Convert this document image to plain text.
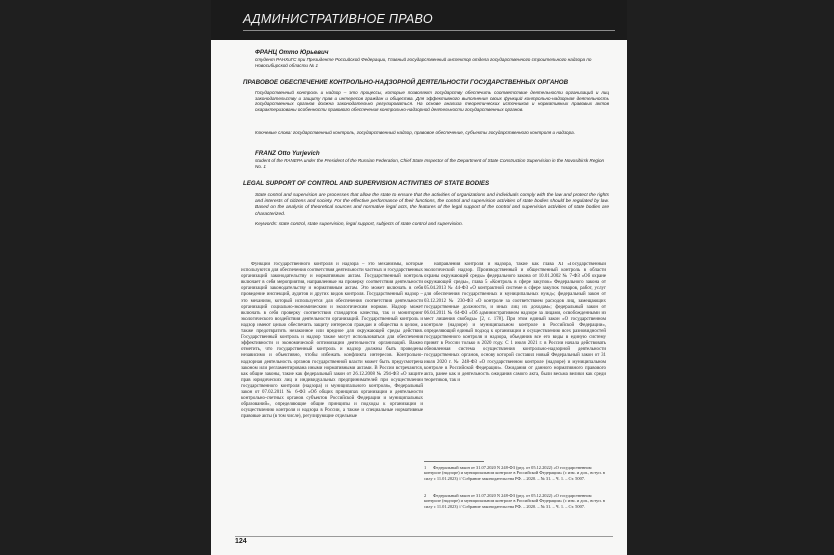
АДМИНИСТРАТИВНОЕ ПРАВО
ФРАНЦ Отто Юрьевич
студент РАНХиГС при Президенте Российской Федерации, Главный государственный инспектор отдела государственного строительного надзора по Новосибирской области № 1
ПРАВОВОЕ ОБЕСПЕЧЕНИЕ КОНТРОЛЬНО-НАДЗОРНОЙ ДЕЯТЕЛЬНОСТИ ГОСУДАРСТВЕННЫХ ОРГАНОВ
Государственный контроль и надзор – это процессы, которые позволяют государству обеспечить соответствие деятельности организаций и лиц законодательству и защиту прав и интересов граждан и общества. Для эффективного выполнения своих функций контрольно-надзорная деятельность государственных органов должна законодательно регулироваться. На основе анализа теоретических источников и нормативных правовых актов охарактеризованы особенности правового обеспечения контрольно-надзорной деятельности государственных органов.
Ключевые слова: государственный контроль, государственный надзор, правовое обеспечение, субъекты государственного контроля и надзора.
FRANZ Otto Yurjevich
student of the RANEPA under the President of the Russian Federation, Chief State Inspector of the Department of State Construction Supervision in the Novosibirsk Region No. 1
LEGAL SUPPORT OF CONTROL AND SUPERVISION ACTIVITIES OF STATE BODIES
State control and supervision are processes that allow the state to ensure that the activities of organizations and individuals comply with the law and protect the rights and interests of citizens and society. For the effective performance of their functions, the control and supervision activities of state bodies should be regulated by law. Based on the analysis of theoretical sources and normative legal acts, the features of the legal support of the control and supervision activities of state bodies are characterized.
Keywords: state control, state supervision, legal support, subjects of state control and supervision.
Функции государственного контроля и надзора – это механизмы, которые используются для обеспечения соответствия деятельности частных и государственных организаций законодательству и нормативным актам. Государственный контроль включает в себя мероприятия, направленные на проверку соответствия деятельности организаций законодательству и нормативным актам. Это может включать в себя проведение инспекций, аудитов и других видов контроля. Государственный надзор – это механизм, который используется для обеспечения соответствия деятельности организаций социально-экономическим и экологическим нормам. Надзор может включать в себя проверку соответствия стандартов качества, так и мониторинг экологического воздействия деятельности организаций. Государственный контроль и надзор имеют целью обеспечить защиту интересов граждан и общества в целом, а также предотвратить незаконное или вредное для окружающей среды действия. Государственный контроль и надзор также могут использоваться для обеспечения эффективности и экономической оптимизации деятельности организаций. Важно отметить, что государственный контроль и надзор должны быть проведены независимо и объективно, чтобы избежать конфликта интересов. Контрольно-надзорная деятельность органов государственной власти может быть предусмотрена законом или регламентирована иными нормативными актами. В России встречаются, как общие законы, такие как федеральный закон от 26.12.2008 № 294-ФЗ «О защите прав юридических лиц и индивидуальных предпринимателей при осуществлении государственного контроля (надзора) и муниципального контроля», Федеральный закон от 07.02.2011 № 6-ФЗ «Об общих принципах организации и деятельности контрольно-счетных органов субъектов Российской Федерации и муниципальных образований», определяющие общие принципы и подходы к организации и осуществлению контроля и надзора в России, а также и специальные нормативные правовые акты (в том числе), регулирующие отдельные
направления контроля и надзора, такие как глава XI «Государственный экологический надзор. Производственный и общественный контроль в области охраны окружающей среды» федерального закона от 10.01.2002 № 7-ФЗ «Об охране окружающей среды», глава 5 «Контроль в сфере закупок» Федерального закона от 05.04.2013 № 44-ФЗ «О контрактной системе в сфере закупок товаров, работ, услуг для обеспечения государственных и муниципальных нужд»; федеральный закон от 03.12.2012 № 230-ФЗ «О контроле за соответствием расходов лиц, замещающих государственные должности, и иных лиц их доходам»; федеральный закон от 06.04.2011 № 64-ФЗ «Об административном надзоре за лицами, освобожденными из мест лишения свободы» [2, с. 178]. При этом единый закон «О государственном контроле (надзоре) и муниципальном контроле в Российской Федерации», определяющий единый подход к организации и осуществлению всех разновидностей государственного контроля и надзора, объединив все его виды в единую систему принят в России только в 2020 году. С 1 июля 2021 г. в России начала действовать обновленная система осуществления контрольно-надзорной деятельности государственных органов, основу которой составил новый Федеральный закон от 31 июля 2020 г. № 248-ФЗ «О государственном контроле (надзоре) и муниципальном контроле в Российской Федерации». Ожидания от данного нормативного правового акта, ранее как и деятельность ожидания самого акта, были весьма велики как среди теоретиков, так и
1 Федеральный закон от 31.07.2020 N 248-ФЗ (ред. от 05.12.2022) «О государственном контроле (надзоре) и муниципальном контроле в Российской Федерации» (с изм. и доп., вступ. в силу с 11.01.2023) // Собрание законодательства РФ. – 2020. – № 31. – Ч. 1. – Ст. 5007.
2 Федеральный закон от 31.07.2020 N 248-ФЗ (ред. от 05.12.2022) «О государственном контроле (надзоре) и муниципальном контроле в Российской Федерации» (с изм. и доп., вступ. в силу с 11.01.2023) // Собрание законодательства РФ. – 2020. – № 31. – Ч. 1. – Ст. 5007.
124
